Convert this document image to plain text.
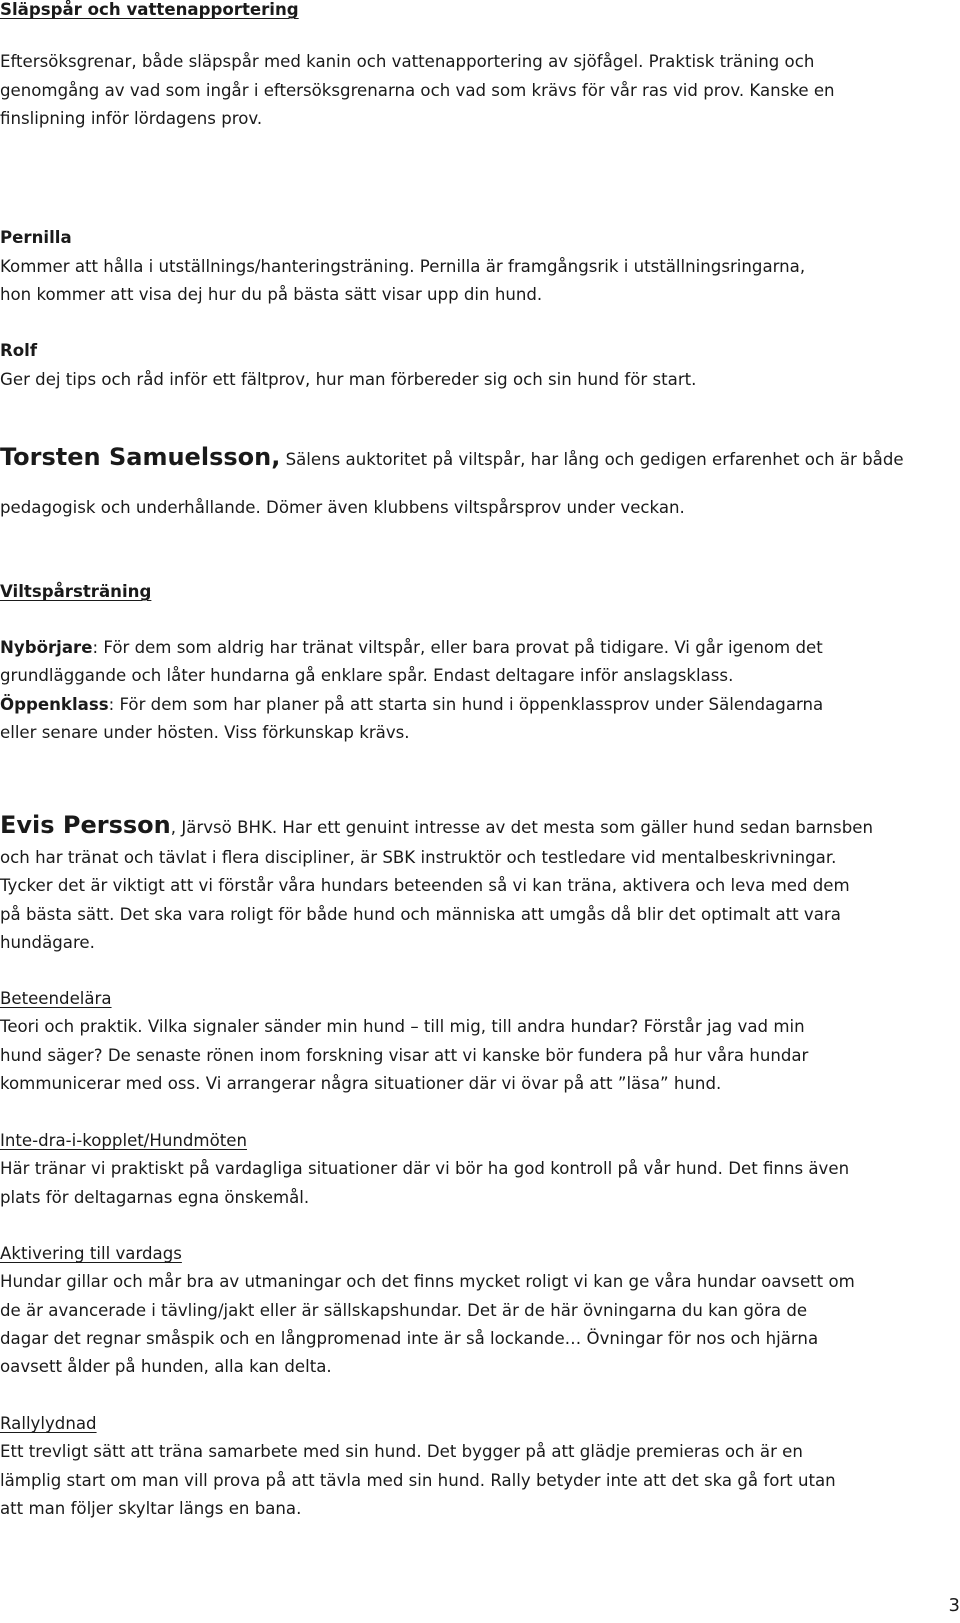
Släpspår och vattenapportering
Eftersöksgrenar, både släpspår med kanin och vattenapportering av sjöfågel. Praktisk träning och
genomgång av vad som ingår i eftersöksgrenarna och vad som krävs för vår ras vid prov. Kanske en
finslipning inför lördagens prov.
Pernilla
Kommer att hålla i utställnings/hanteringsträning. Pernilla är framgångsrik i utställningsringarna,
hon kommer att visa dej hur du på bästa sätt visar upp din hund.
Rolf
Ger dej tips och råd inför ett fältprov, hur man förbereder sig och sin hund för start.
Torsten Samuelsson, Sälens auktoritet på viltspår, har lång och gedigen erfarenhet och är både
pedagogisk och underhållande. Dömer även klubbens viltspårsprov under veckan.
Viltspårsträning
Nybörjare: För dem som aldrig har tränat viltspår, eller bara provat på tidigare. Vi går igenom det
grundläggande och låter hundarna gå enklare spår. Endast deltagare inför anslagsklass.
Öppenklass: För dem som har planer på att starta sin hund i öppenklassprov under Sälendagarna
eller senare under hösten. Viss förkunskap krävs.
Evis Persson, Järvsö BHK. Har ett genuint intresse av det mesta som gäller hund sedan barnsben
och har tränat och tävlat i flera discipliner, är SBK instruktör och testledare vid mentalbeskrivningar.
Tycker det är viktigt att vi förstår våra hundars beteenden så vi kan träna, aktivera och leva med dem
på bästa sätt. Det ska vara roligt för både hund och människa att umgås då blir det optimalt att vara
hundägare.
Beteendelära
Teori och praktik. Vilka signaler sänder min hund – till mig, till andra hundar? Förstår jag vad min
hund säger? De senaste rönen inom forskning visar att vi kanske bör fundera på hur våra hundar
kommunicerar med oss. Vi arrangerar några situationer där vi övar på att ”läsa” hund.
Inte-dra-i-kopplet/Hundmöten
Här tränar vi praktiskt på vardagliga situationer där vi bör ha god kontroll på vår hund. Det finns även
plats för deltagarnas egna önskemål.
Aktivering till vardags
Hundar gillar och mår bra av utmaningar och det finns mycket roligt vi kan ge våra hundar oavsett om
de är avancerade i tävling/jakt eller är sällskapshundar. Det är de här övningarna du kan göra de
dagar det regnar småspik och en långpromenad inte är så lockande… Övningar för nos och hjärna
oavsett ålder på hunden, alla kan delta.
Rallylydnad
Ett trevligt sätt att träna samarbete med sin hund. Det bygger på att glädje premieras och är en
lämplig start om man vill prova på att tävla med sin hund. Rally betyder inte att det ska gå fort utan
att man följer skyltar längs en bana.
3
